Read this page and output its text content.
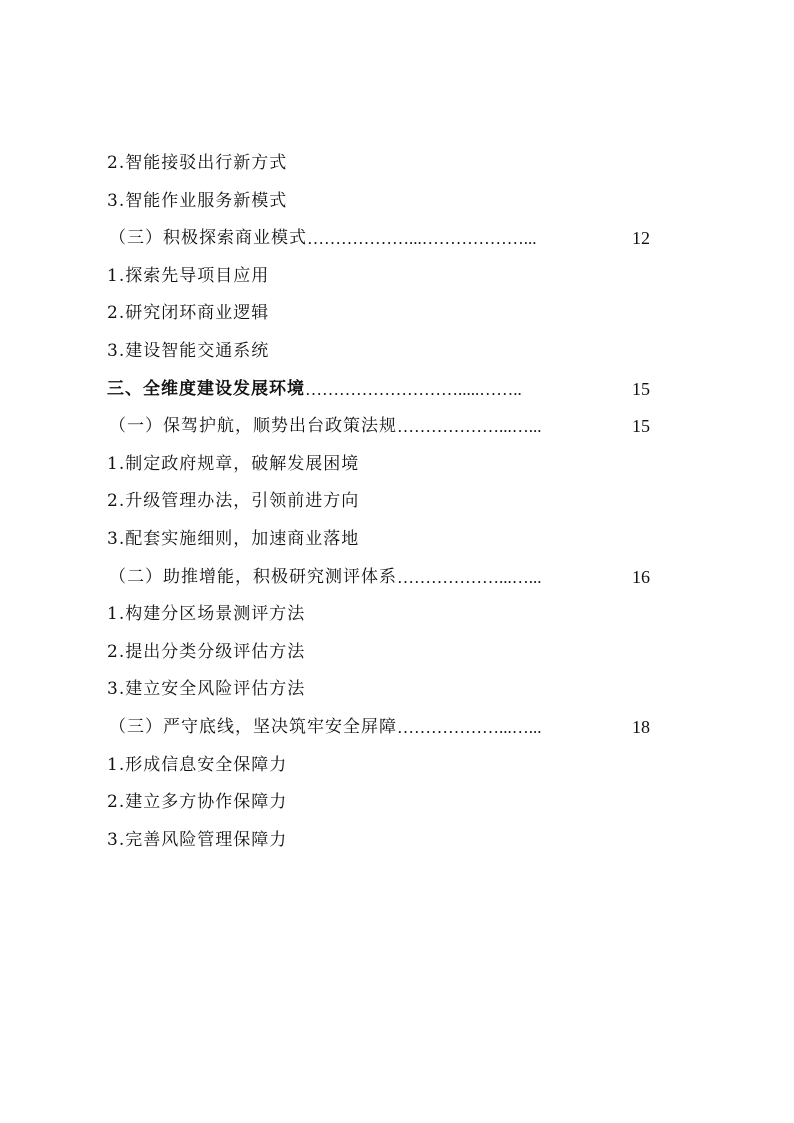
2.智能接驳出行新方式
3.智能作业服务新模式
（三）积极探索商业模式 ………………...………………...	12
1.探索先导项目应用
2.研究闭环商业逻辑
3.建设智能交通系统
三、全维度建设发展环境 ……………………….....……..	15
（一）保驾护航，顺势出台政策法规 ………………...…...	15
1.制定政府规章，破解发展困境
2.升级管理办法，引领前进方向
3.配套实施细则，加速商业落地
（二）助推增能，积极研究测评体系 ………………...…...	16
1.构建分区场景测评方法
2.提出分类分级评估方法
3.建立安全风险评估方法
（三）严守底线，坚决筑牢安全屏障 ………………...…...	18
1.形成信息安全保障力
2.建立多方协作保障力
3.完善风险管理保障力
